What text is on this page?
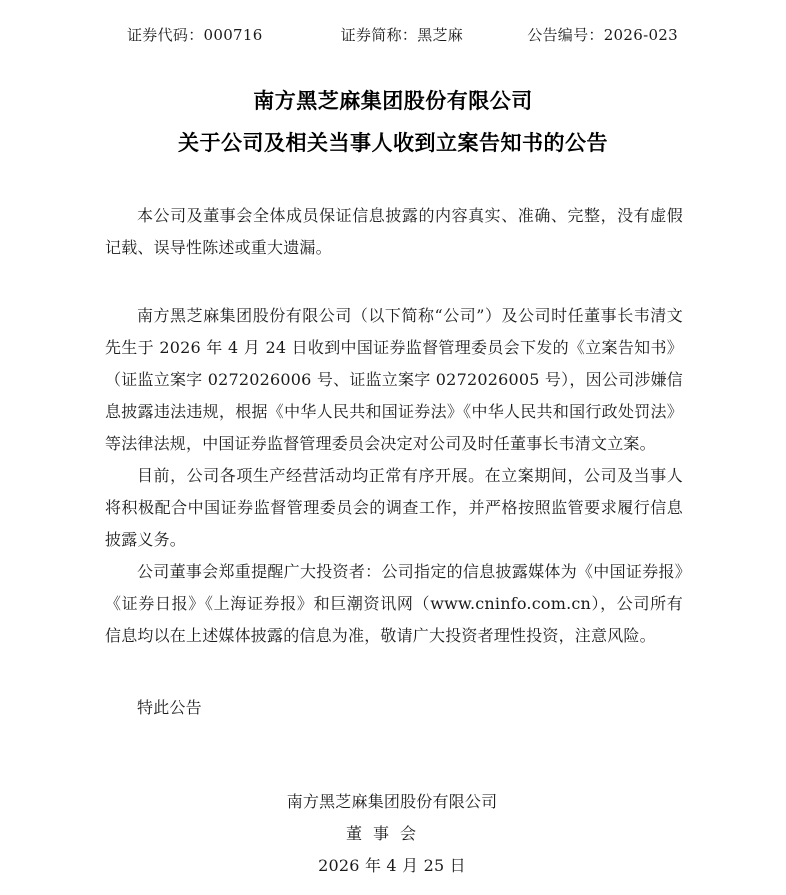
证券代码：000716	证券简称：黑芝麻	公告编号：2026-023
南方黑芝麻集团股份有限公司
关于公司及相关当事人收到立案告知书的公告

本公司及董事会全体成员保证信息披露的内容真实、准确、完整，没有虚假记载、误导性陈述或重大遗漏。

南方黑芝麻集团股份有限公司（以下简称“公司”）及公司时任董事长韦清文先生于 2026 年 4 月 24 日收到中国证券监督管理委员会下发的《立案告知书》（证监立案字 0272026006 号、证监立案字 0272026005 号），因公司涉嫌信息披露违法违规，根据《中华人民共和国证券法》《中华人民共和国行政处罚法》等法律法规，中国证券监督管理委员会决定对公司及时任董事长韦清文立案。

目前，公司各项生产经营活动均正常有序开展。在立案期间，公司及当事人将积极配合中国证券监督管理委员会的调查工作，并严格按照监管要求履行信息披露义务。

公司董事会郑重提醒广大投资者：公司指定的信息披露媒体为《中国证券报》《证券日报》《上海证券报》和巨潮资讯网（www.cninfo.com.cn），公司所有信息均以在上述媒体披露的信息为准，敬请广大投资者理性投资，注意风险。

特此公告

南方黑芝麻集团股份有限公司
董事会
2026 年 4 月 25 日
